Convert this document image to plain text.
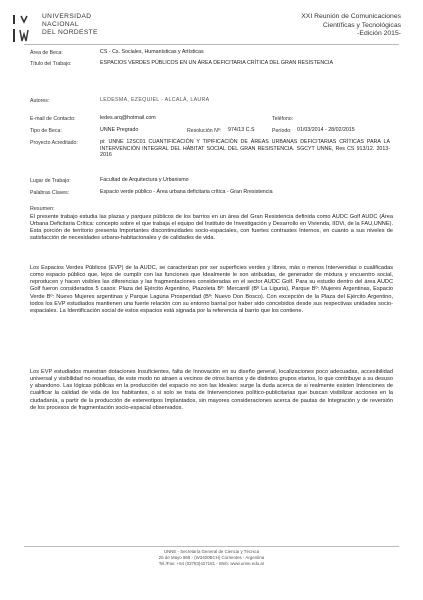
UNIVERSIDAD
NACIONAL
DEL NORDESTE
XXI Reunión de Comunicaciones
Científicas y Tecnológicas
-Edición 2015-
Área de Beca:	CS - Cs. Sociales, Humanísticas y Artísticas
Título del Trabajo:	ESPACIOS VERDES PÚBLICOS EN UN ÁREA DEFICITARIA CRÍTICA DEL GRAN RESISTENCIA
Autores:	LEDESMA, EZEQUIEL - ALCALÁ, LAURA
E-mail de Contacto:	ledes.arq@hotmail.com	Teléfono:
Tipo de Beca:	UNNE Pregrado	Resolución Nº: 974/13 C.S	Período: 01/03/2014 - 28/02/2015
Proyecto Acreditado:	pi: UNNE 12SC01 CUANTIFICACIÓN Y TIPIFICACIÓN DE ÁREAS URBANAS DEFICITARIAS CRÍTICAS PARA LA INTERVENCIÓN INTEGRAL DEL HÁBITAT SOCIAL DEL GRAN RESISTENCIA. SGCYT UNNE, Res CS 913/12. 2013-2016
Lugar de Trabajo:	Facultad de Arquitectura y Urbanismo
Palabras Claves:	Espacio verde público - Área urbana deficitaria crítica - Gran Rresistencia
Resumen:
El presente trabajo estudia las plazas y parques públicos de los barrios en un área del Gran Resistencia definida como AUDC Golf AUDC (Área Urbana Deficitaria Crítica: concepto sobre el que trabaja el equipo del Instituto de Investigación y Desarrollo en Vivienda, IIDVi, de la FAU,UNNE). Esta porción de territorio presenta Importantes discontinuidades socio-espaciales, con fuertes contrastes Internos, en cuanto a sus niveles de satisfacción de necesidades urbano-habitacionales y de calidades de vida.
Los Espacios Verdes Públicos (EVP) de la AUDC, se caracterizan por ser superficies verdes y libres, más o menos Intervenidas o cualificadas como espacio público que, lejos de cumplir con las funciones que Idealmente le son atribuidas, de generador de mixtura y encuentro social, reproducen y hacen visibles las diferencias y las fragmentaciones consideradas en el sector AUDC Golf. Para su estudio dentro del área AUDC Golf fueron considerados 5 casos: Plaza del Ejército Argentino, Plazoleta Bº: Mercantil (Bº La Liguria), Parque Bº: Mujeres Argentinas, Espacio Verde Bº: Nuevo Mujeres argentinas y Parque Laguna Prosperidad (Bº: Nuevo Don Bosco). Con excepción de la Plaza del Ejército Argentino, todos los EVP estudiados mantienen una fuerte relación con su entorno barrial por haber sido concebidos desde sus respectivas unidades socio-espaciales. La Identificación social de estos espacios está signada por la referencia al barrio que los contiene.
Los EVP estudiados muestran dotaciones Insuficientes, falta de Innovación en su diseño general, localizaciones poco adecuadas, accesibilidad universal y visibilidad no resueltas, de este modo no atraen a vecinos de otros barrios y de distintos grupos etarios, lo que contribuye a su desuso y abandono. Las lógicas públicas en la producción del espacio no son las Ideales: surge la duda acerca de si realmente existen Intenciones de cualificar la calidad de vida de los habitantes, o si solo se trata de Intervenciones político-publicitarias que buscan visibilizar acciones en la ciudadanía, a partir de la producción de estereotipos Implantados, sin mayores consideraciones acerca de pautas de Integración y de reversión de los procesos de fragmentación socio-espacial observados.
UNNE - Secretaría General de Ciencia y Técnica
25 de Mayo 868 - (W3400BCH) Corrientes - Argentina
Tel./Fax: +54 (03783)427181 - Web: www.unne.edu.ar
